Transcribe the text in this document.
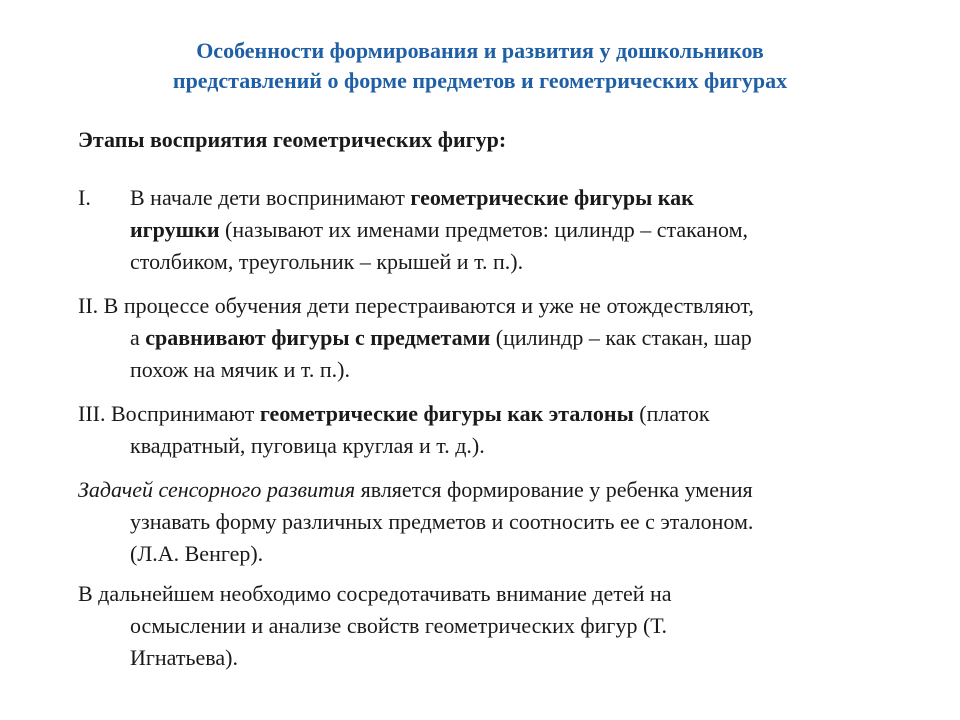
Особенности формирования и развития у дошкольников
представлений о форме предметов и геометрических фигурах
Этапы восприятия геометрических фигур:
I.	В начале дети воспринимают геометрические фигуры как
игрушки (называют их именами предметов: цилиндр – стаканом,
столбиком, треугольник – крышей и т. п.).
II. В процессе обучения дети перестраиваются и уже не отождествляют,
а сравнивают фигуры с предметами (цилиндр – как стакан, шар
похож на мячик и т. п.).
III. Воспринимают геометрические фигуры как эталоны (платок
квадратный, пуговица круглая и т. д.).
Задачей сенсорного развития является формирование у ребенка умения
узнавать форму различных предметов и соотносить ее с эталоном.
(Л.А. Венгер).
В дальнейшем необходимо сосредотачивать внимание детей на
осмыслении и анализе свойств геометрических фигур (Т.
Игнатьева).
